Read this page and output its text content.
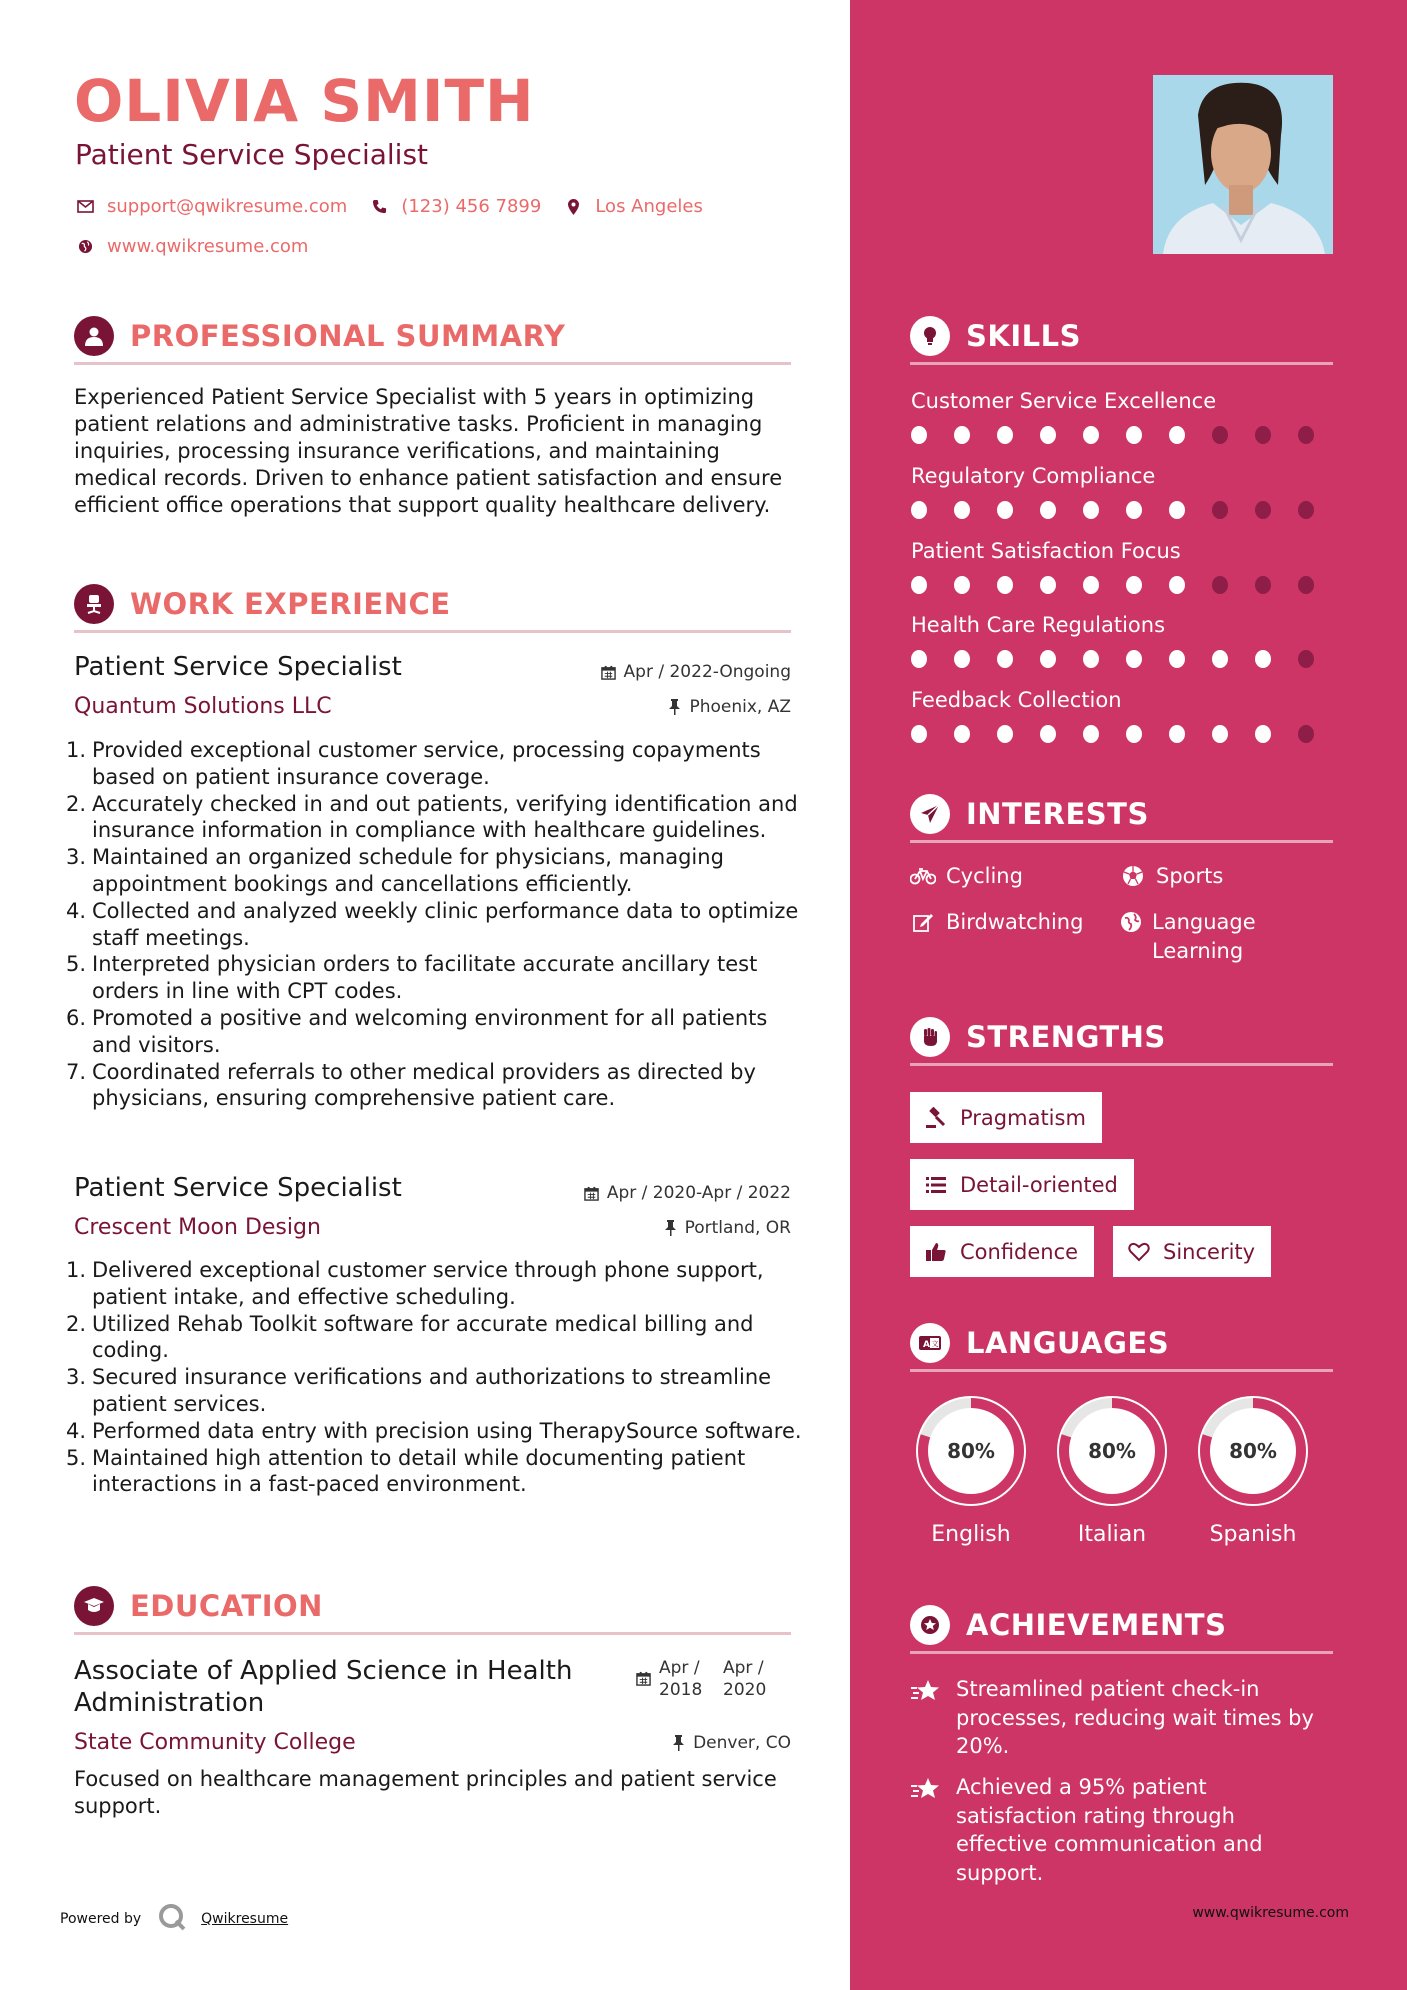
OLIVIA SMITH
Patient Service Specialist
support@qwikresume.com	(123) 456 7899	Los Angeles
www.qwikresume.com
PROFESSIONAL SUMMARY
Experienced Patient Service Specialist with 5 years in optimizing patient relations and administrative tasks. Proficient in managing inquiries, processing insurance verifications, and maintaining medical records. Driven to enhance patient satisfaction and ensure efficient office operations that support quality healthcare delivery.
WORK EXPERIENCE
Patient Service Specialist	Apr / 2022-Ongoing
Quantum Solutions LLC	Phoenix, AZ
1. Provided exceptional customer service, processing copayments based on patient insurance coverage.
2. Accurately checked in and out patients, verifying identification and insurance information in compliance with healthcare guidelines.
3. Maintained an organized schedule for physicians, managing appointment bookings and cancellations efficiently.
4. Collected and analyzed weekly clinic performance data to optimize staff meetings.
5. Interpreted physician orders to facilitate accurate ancillary test orders in line with CPT codes.
6. Promoted a positive and welcoming environment for all patients and visitors.
7. Coordinated referrals to other medical providers as directed by physicians, ensuring comprehensive patient care.
Patient Service Specialist	Apr / 2020-Apr / 2022
Crescent Moon Design	Portland, OR
1. Delivered exceptional customer service through phone support, patient intake, and effective scheduling.
2. Utilized Rehab Toolkit software for accurate medical billing and coding.
3. Secured insurance verifications and authorizations to streamline patient services.
4. Performed data entry with precision using TherapySource software.
5. Maintained high attention to detail while documenting patient interactions in a fast-paced environment.
EDUCATION
Associate of Applied Science in Health Administration
Apr / 2018
Apr / 2020
State Community College	Denver, CO
Focused on healthcare management principles and patient service support.
Powered by	Qwikresume
SKILLS
Customer Service Excellence
Regulatory Compliance
Patient Satisfaction Focus
Health Care Regulations
Feedback Collection
INTERESTS
Cycling	Sports
Birdwatching	Language Learning
STRENGTHS
Pragmatism
Detail-oriented
Confidence	Sincerity
A 文 LANGUAGES
80%
English
80%
Italian
80%
Spanish
ACHIEVEMENTS
Streamlined patient check-in processes, reducing wait times by 20%.
Achieved a 95% patient satisfaction rating through effective communication and support.
www.qwikresume.com
